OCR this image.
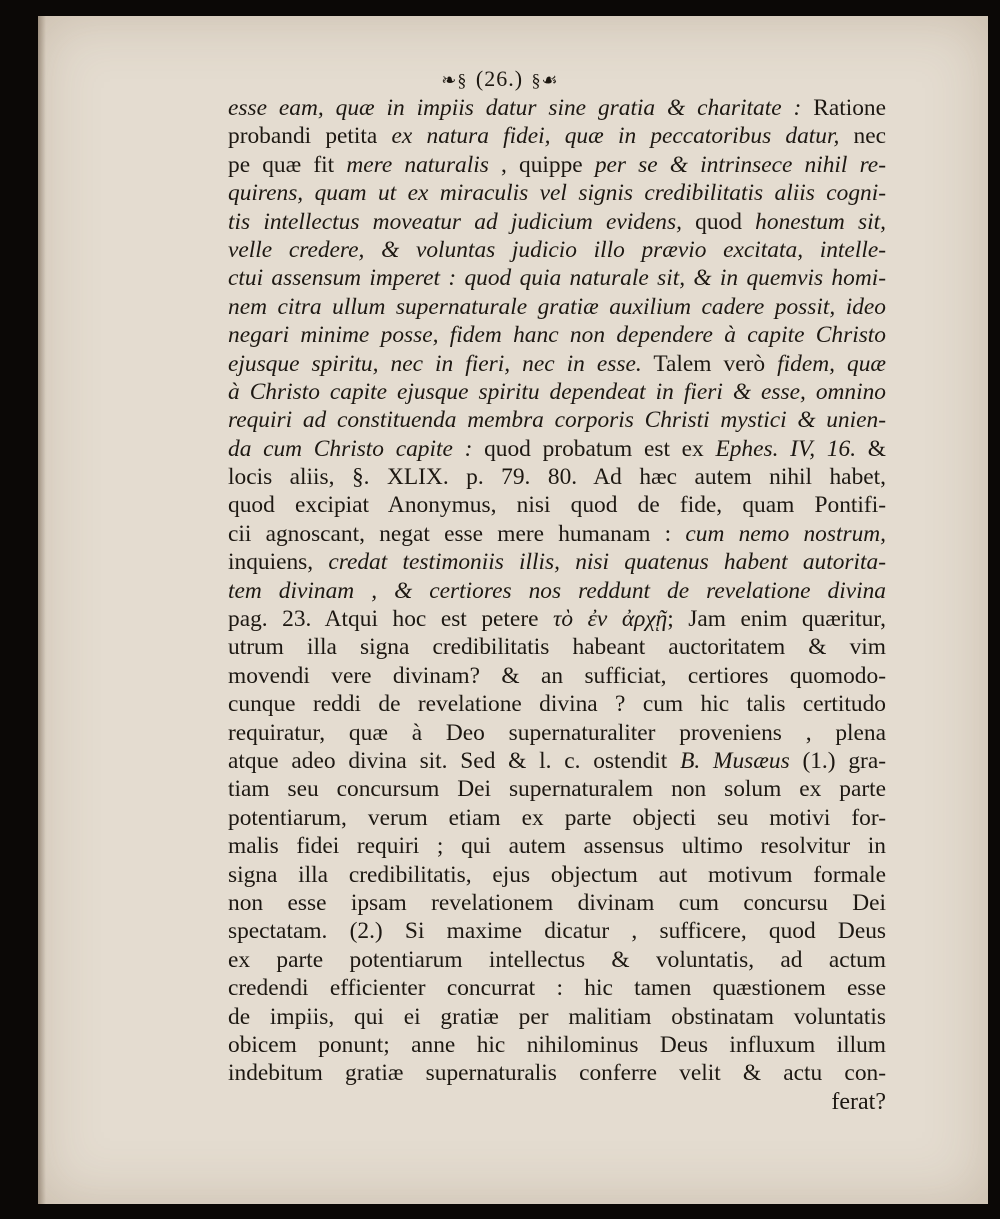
❧§ (26.) §☙
esse eam, quæ in impiis datur sine gratia & charitate : Ratione
probandi petita ex natura fidei, quæ in peccatoribus datur, nec
pe quæ fit mere naturalis , quippe per se & intrinsece nihil re-
quirens, quam ut ex miraculis vel signis credibilitatis aliis cogni-
tis intellectus moveatur ad judicium evidens, quod honestum sit,
velle credere, & voluntas judicio illo prævio excitata, intelle-
ctui assensum imperet : quod quia naturale sit, & in quemvis homi-
nem citra ullum supernaturale gratiæ auxilium cadere possit, ideo
negari minime posse, fidem hanc non dependere à capite Christo
ejusque spiritu, nec in fieri, nec in esse. Talem verò fidem, quæ
à Christo capite ejusque spiritu dependeat in fieri & esse, omnino
requiri ad constituenda membra corporis Christi mystici & unien-
da cum Christo capite : quod probatum est ex Ephes. IV, 16. &
locis aliis, §. XLIX. p. 79. 80. Ad hæc autem nihil habet,
quod excipiat Anonymus, nisi quod de fide, quam Pontifi-
cii agnoscant, negat esse mere humanam : cum nemo nostrum,
inquiens, credat testimoniis illis, nisi quatenus habent autorita-
tem divinam , & certiores nos reddunt de revelatione divina
pag. 23. Atqui hoc est petere τὸ ἐν ἀρχῇ; Jam enim quæritur,
utrum illa signa credibilitatis habeant auctoritatem & vim
movendi vere divinam? & an sufficiat, certiores quomodo-
cunque reddi de revelatione divina ? cum hic talis certitudo
requiratur, quæ à Deo supernaturaliter proveniens , plena
atque adeo divina sit. Sed & l. c. ostendit B. Musæus (1.) gra-
tiam seu concursum Dei supernaturalem non solum ex parte
potentiarum, verum etiam ex parte objecti seu motivi for-
malis fidei requiri ; qui autem assensus ultimo resolvitur in
signa illa credibilitatis, ejus objectum aut motivum formale
non esse ipsam revelationem divinam cum concursu Dei
spectatam. (2.) Si maxime dicatur , sufficere, quod Deus
ex parte potentiarum intellectus & voluntatis, ad actum
credendi efficienter concurrat : hic tamen quæstionem esse
de impiis, qui ei gratiæ per malitiam obstinatam voluntatis
obicem ponunt; anne hic nihilominus Deus influxum illum
indebitum gratiæ supernaturalis conferre velit & actu con-
ferat?
